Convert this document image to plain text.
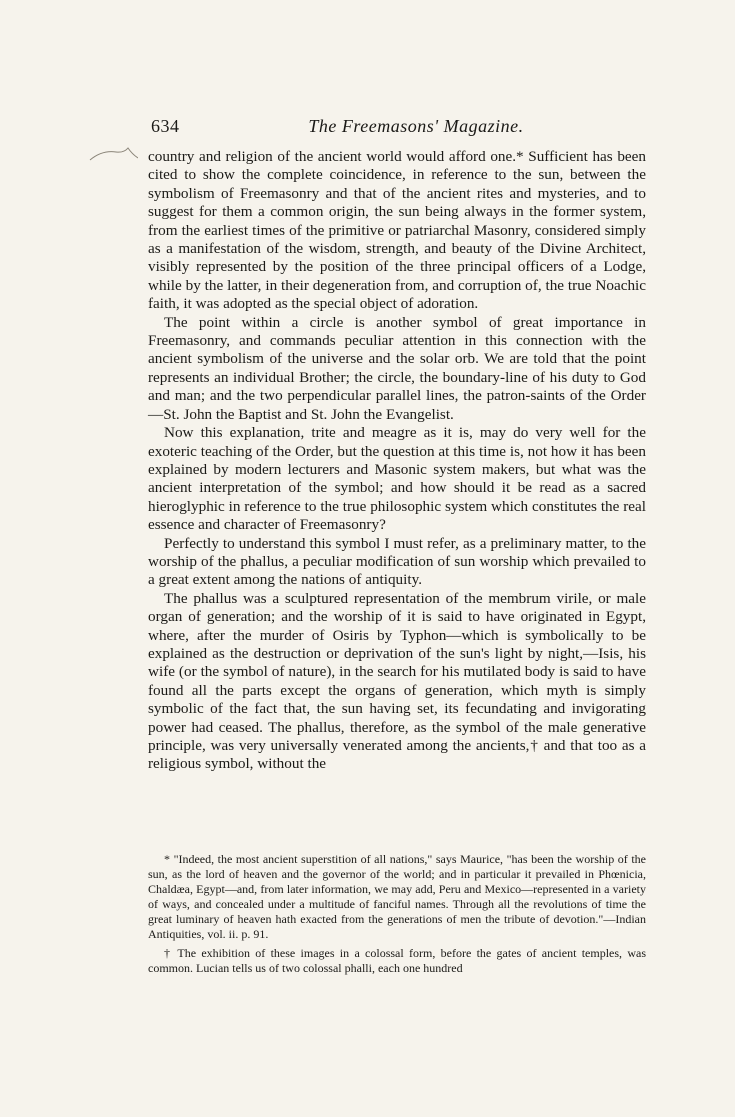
634	The Freemasons' Magazine.

country and religion of the ancient world would afford one.* Sufficient has been cited to show the complete coincidence, in reference to the sun, between the symbolism of Freemasonry and that of the ancient rites and mysteries, and to suggest for them a common origin, the sun being always in the former system, from the earliest times of the primitive or patriarchal Masonry, considered simply as a manifestation of the wisdom, strength, and beauty of the Divine Architect, visibly represented by the position of the three principal officers of a Lodge, while by the latter, in their degeneration from, and corruption of, the true Noachic faith, it was adopted as the special object of adoration.

The point within a circle is another symbol of great importance in Freemasonry, and commands peculiar attention in this connection with the ancient symbolism of the universe and the solar orb. We are told that the point represents an individual Brother; the circle, the boundary-line of his duty to God and man; and the two perpendicular parallel lines, the patron-saints of the Order—St. John the Baptist and St. John the Evangelist.

Now this explanation, trite and meagre as it is, may do very well for the exoteric teaching of the Order, but the question at this time is, not how it has been explained by modern lecturers and Masonic system makers, but what was the ancient interpretation of the symbol; and how should it be read as a sacred hieroglyphic in reference to the true philosophic system which constitutes the real essence and character of Freemasonry?

Perfectly to understand this symbol I must refer, as a preliminary matter, to the worship of the phallus, a peculiar modification of sun worship which prevailed to a great extent among the nations of antiquity.

The phallus was a sculptured representation of the membrum virile, or male organ of generation; and the worship of it is said to have originated in Egypt, where, after the murder of Osiris by Typhon—which is symbolically to be explained as the destruction or deprivation of the sun's light by night,—Isis, his wife (or the symbol of nature), in the search for his mutilated body is said to have found all the parts except the organs of generation, which myth is simply symbolic of the fact that, the sun having set, its fecundating and invigorating power had ceased. The phallus, therefore, as the symbol of the male generative principle, was very universally venerated among the ancients,† and that too as a religious symbol, without the

* "Indeed, the most ancient superstition of all nations," says Maurice, "has been the worship of the sun, as the lord of heaven and the governor of the world; and in particular it prevailed in Phœnicia, Chaldæa, Egypt—and, from later information, we may add, Peru and Mexico—represented in a variety of ways, and concealed under a multitude of fanciful names. Through all the revolutions of time the great luminary of heaven hath exacted from the generations of men the tribute of devotion."—Indian Antiquities, vol. ii. p. 91.

† The exhibition of these images in a colossal form, before the gates of ancient temples, was common. Lucian tells us of two colossal phalli, each one hundred
